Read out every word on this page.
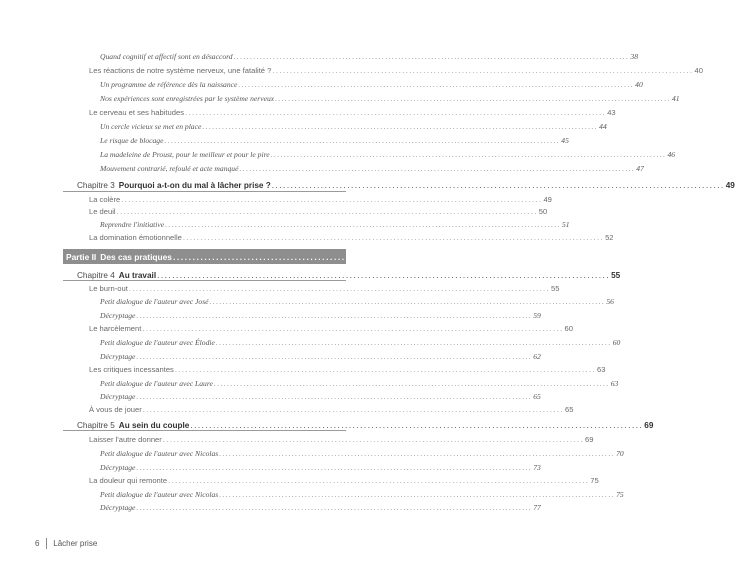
Quand cognitif et affectif sont en désaccord ........................................................................................................................ 38
Les réactions de notre système nerveux, une fatalité ? ........................................................................................................................ 40
Un programme de référence dès la naissance ........................................................................................................................ 40
Nos expériences sont enregistrées par le système nerveux ........................................................................................................................ 41
Le cerveau et ses habitudes ........................................................................................................................ 43
Un cercle vicieux se met en place ........................................................................................................................ 44
Le risque de blocage ........................................................................................................................ 45
La madeleine de Proust, pour le meilleur et pour le pire ........................................................................................................................ 46
Mouvement contrarié, refoulé et acte manqué ........................................................................................................................ 47
Chapitre 3 Pourquoi a-t-on du mal à lâcher prise ? ........................................................................................................................ 49
La colère ........................................................................................................................ 49
Le deuil ........................................................................................................................ 50
Reprendre l'initiative ........................................................................................................................ 51
La domination émotionnelle ........................................................................................................................ 52
Chapitre 4 Au travail ........................................................................................................................ 55
Le burn-out ........................................................................................................................ 55
Petit dialogue de l'auteur avec José ........................................................................................................................ 56
Décryptage ........................................................................................................................ 59
Le harcèlement ........................................................................................................................ 60
Petit dialogue de l'auteur avec Élodie ........................................................................................................................ 60
Décryptage ........................................................................................................................ 62
Les critiques incessantes ........................................................................................................................ 63
Petit dialogue de l'auteur avec Laure ........................................................................................................................ 63
Décryptage ........................................................................................................................ 65
À vous de jouer ........................................................................................................................ 65
Chapitre 5 Au sein du couple ........................................................................................................................ 69
Laisser l'autre donner ........................................................................................................................ 69
Petit dialogue de l'auteur avec Nicolas ........................................................................................................................ 70
Décryptage ........................................................................................................................ 73
La douleur qui remonte ........................................................................................................................ 75
Petit dialogue de l'auteur avec Nicolas ........................................................................................................................ 75
Décryptage ........................................................................................................................ 77
Partie II Des cas pratiques ........................................................................................................................ 53
6 Lâcher prise
